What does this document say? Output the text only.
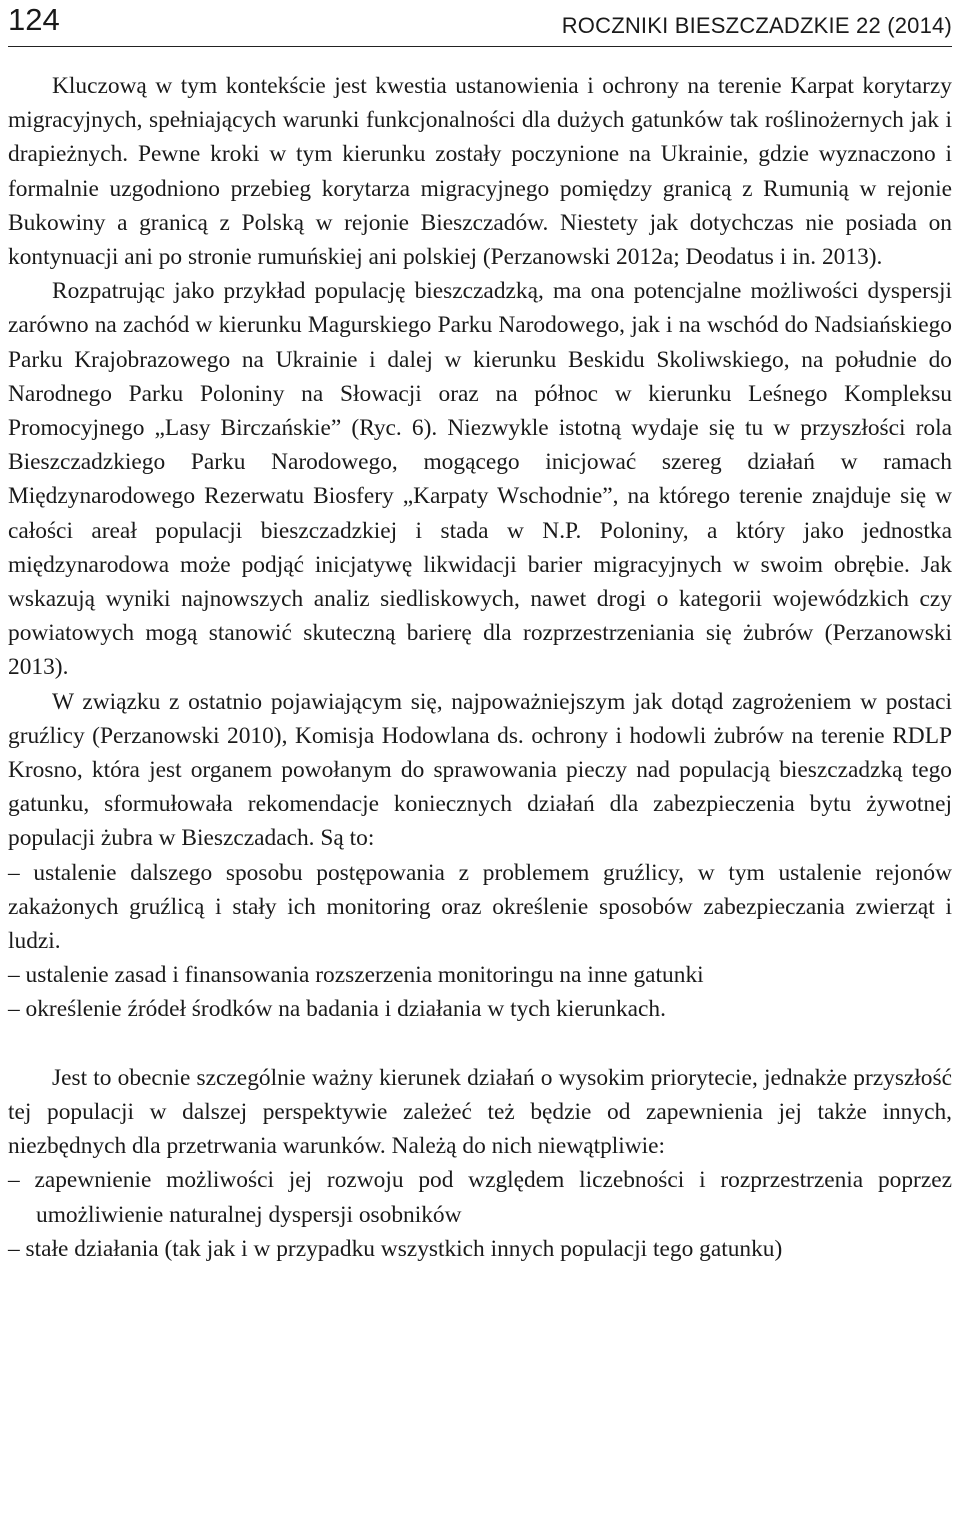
124	ROCZNIKI BIESZCZADZKIE 22 (2014)

Kluczową w tym kontekście jest kwestia ustanowienia i ochrony na terenie Karpat korytarzy migracyjnych, spełniających warunki funkcjonalności dla dużych gatunków tak roślinożernych jak i drapieżnych. Pewne kroki w tym kierunku zostały poczynione na Ukrainie, gdzie wyznaczono i formalnie uzgodniono przebieg korytarza migracyjnego pomiędzy granicą z Rumunią w rejonie Bukowiny a granicą z Polską w rejonie Bieszczadów. Niestety jak dotychczas nie posiada on kontynuacji ani po stronie rumuńskiej ani polskiej (Perzanowski 2012a; Deodatus i in. 2013).

Rozpatrując jako przykład populację bieszczadzką, ma ona potencjalne możliwości dyspersji zarówno na zachód w kierunku Magurskiego Parku Narodowego, jak i na wschód do Nadsiańskiego Parku Krajobrazowego na Ukrainie i dalej w kierunku Beskidu Skoliwskiego, na południe do Narodnego Parku Poloniny na Słowacji oraz na północ w kierunku Leśnego Kompleksu Promocyjnego „Lasy Birczańskie” (Ryc. 6). Niezwykle istotną wydaje się tu w przyszłości rola Bieszczadzkiego Parku Narodowego, mogącego inicjować szereg działań w ramach Międzynarodowego Rezerwatu Biosfery „Karpaty Wschodnie”, na którego terenie znajduje się w całości areał populacji bieszczadzkiej i stada w N.P. Poloniny, a który jako jednostka międzynarodowa może podjąć inicjatywę likwidacji barier migracyjnych w swoim obrębie. Jak wskazują wyniki najnowszych analiz siedliskowych, nawet drogi o kategorii wojewódzkich czy powiatowych mogą stanowić skuteczną barierę dla rozprzestrzeniania się żubrów (Perzanowski 2013).

W związku z ostatnio pojawiającym się, najpoważniejszym jak dotąd zagrożeniem w postaci gruźlicy (Perzanowski 2010), Komisja Hodowlana ds. ochrony i hodowli żubrów na terenie RDLP Krosno, która jest organem powołanym do sprawowania pieczy nad populacją bieszczadzką tego gatunku, sformułowała rekomendacje koniecznych działań dla zabezpieczenia bytu żywotnej populacji żubra w Bieszczadach. Są to:

– ustalenie dalszego sposobu postępowania z problemem gruźlicy, w tym ustalenie rejonów zakażonych gruźlicą i stały ich monitoring oraz określenie sposobów zabezpieczania zwierząt i ludzi.

– ustalenie zasad i finansowania rozszerzenia monitoringu na inne gatunki

– określenie źródeł środków na badania i działania w tych kierunkach.

Jest to obecnie szczególnie ważny kierunek działań o wysokim priorytecie, jednakże przyszłość tej populacji w dalszej perspektywie zależeć też będzie od zapewnienia jej także innych, niezbędnych dla przetrwania warunków. Należą do nich niewątpliwie:

– zapewnienie możliwości jej rozwoju pod względem liczebności i rozprzestrzenia poprzez umożliwienie naturalnej dyspersji osobników

– stałe działania (tak jak i w przypadku wszystkich innych populacji tego gatunku)
